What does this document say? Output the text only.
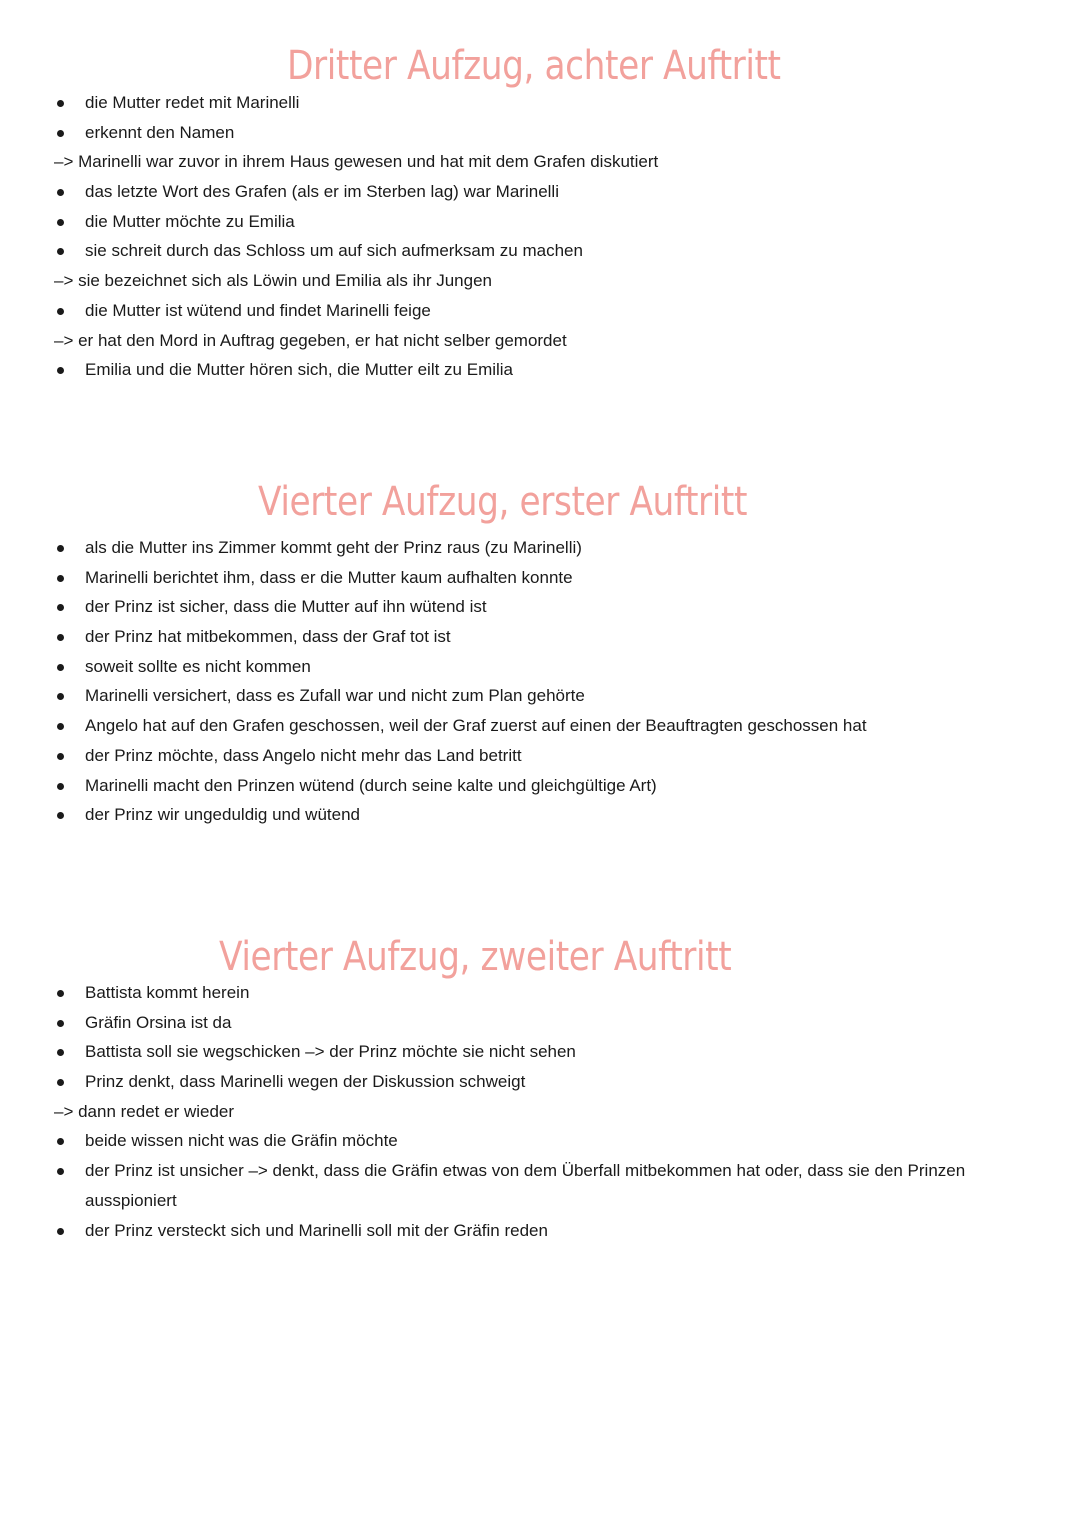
Dritter Aufzug, achter Auftritt
die Mutter redet mit Marinelli
erkennt den Namen
–> Marinelli war zuvor in ihrem Haus gewesen und hat mit dem Grafen diskutiert
das letzte Wort des Grafen (als er im Sterben lag) war Marinelli
die Mutter möchte zu Emilia
sie schreit durch das Schloss um auf sich aufmerksam zu machen
–> sie bezeichnet sich als Löwin und Emilia als ihr Jungen
die Mutter ist wütend und findet Marinelli feige
–> er hat den Mord in Auftrag gegeben, er hat nicht selber gemordet
Emilia und die Mutter hören sich, die Mutter eilt zu Emilia
Vierter Aufzug, erster Auftritt
als die Mutter ins Zimmer kommt geht der Prinz raus (zu Marinelli)
Marinelli berichtet ihm, dass er die Mutter kaum aufhalten konnte
der Prinz ist sicher, dass die Mutter auf ihn wütend ist
der Prinz hat mitbekommen, dass der Graf tot ist
soweit sollte es nicht kommen
Marinelli versichert, dass es Zufall war und nicht zum Plan gehörte
Angelo hat auf den Grafen geschossen, weil der Graf zuerst auf einen der Beauftragten geschossen hat
der Prinz möchte, dass Angelo nicht mehr das Land betritt
Marinelli macht den Prinzen wütend (durch seine kalte und gleichgültige Art)
der Prinz wir ungeduldig und wütend
Vierter Aufzug, zweiter Auftritt
Battista kommt herein
Gräfin Orsina ist da
Battista soll sie wegschicken –> der Prinz möchte sie nicht sehen
Prinz denkt, dass Marinelli wegen der Diskussion schweigt
–> dann redet er wieder
beide wissen nicht was die Gräfin möchte
der Prinz ist unsicher –> denkt, dass die Gräfin etwas von dem Überfall mitbekommen hat oder, dass sie den Prinzen
ausspioniert
der Prinz versteckt sich und Marinelli soll mit der Gräfin reden
